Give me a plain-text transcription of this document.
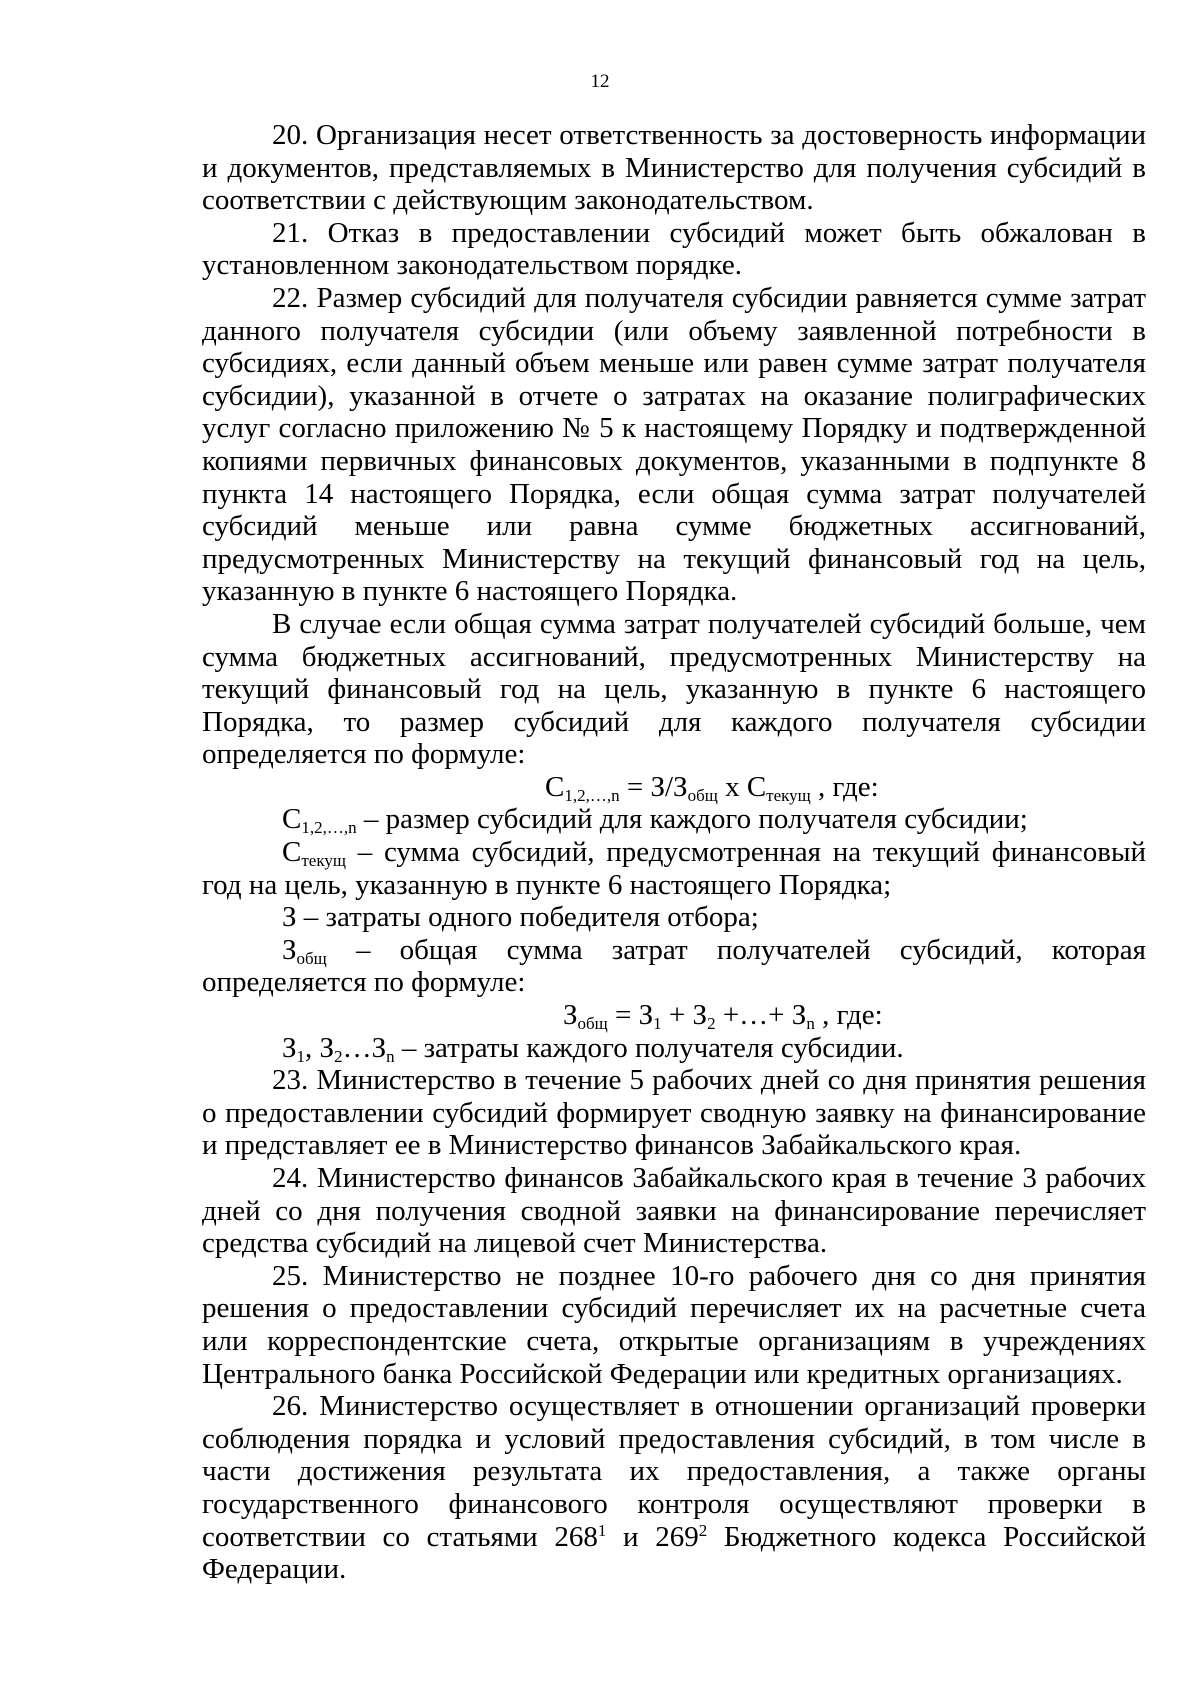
12

20. Организация несет ответственность за достоверность информации и документов, представляемых в Министерство для получения субсидий в соответствии с действующим законодательством.

21. Отказ в предоставлении субсидий может быть обжалован в установленном законодательством порядке.

22. Размер субсидий для получателя субсидии равняется сумме затрат данного получателя субсидии (или объему заявленной потребности в субсидиях, если данный объем меньше или равен сумме затрат получателя субсидии), указанной в отчете о затратах на оказание полиграфических услуг согласно приложению № 5 к настоящему Порядку и подтвержденной копиями первичных финансовых документов, указанными в подпункте 8 пункта 14 настоящего Порядка, если общая сумма затрат получателей субсидий меньше или равна сумме бюджетных ассигнований, предусмотренных Министерству на текущий финансовый год на цель, указанную в пункте 6 настоящего Порядка.

В случае если общая сумма затрат получателей субсидий больше, чем сумма бюджетных ассигнований, предусмотренных Министерству на текущий финансовый год на цель, указанную в пункте 6 настоящего Порядка, то размер субсидий для каждого получателя субсидии определяется по формуле:

$С_{1,2,\dots,n} = З/З_{общ}$ х $С_{текущ}$ , где:

$С_{1,2,\dots,n}$ – размер субсидий для каждого получателя субсидии;

$С_{текущ}$ – сумма субсидий, предусмотренная на текущий финансовый год на цель, указанную в пункте 6 настоящего Порядка;

З – затраты одного победителя отбора;

$З_{общ}$ – общая сумма затрат получателей субсидий, которая определяется по формуле:

$З_{общ} = З_1 + З_2$ +…+ $З_n$ , где:

$З_1$, $З_2\dots З_n$ – затраты каждого получателя субсидии.

23. Министерство в течение 5 рабочих дней со дня принятия решения о предоставлении субсидий формирует сводную заявку на финансирование и представляет ее в Министерство финансов Забайкальского края.

24. Министерство финансов Забайкальского края в течение 3 рабочих дней со дня получения сводной заявки на финансирование перечисляет средства субсидий на лицевой счет Министерства.

25. Министерство не позднее 10-го рабочего дня со дня принятия решения о предоставлении субсидий перечисляет их на расчетные счета или корреспондентские счета, открытые организациям в учреждениях Центрального банка Российской Федерации или кредитных организациях.

26. Министерство осуществляет в отношении организаций проверки соблюдения порядка и условий предоставления субсидий, в том числе в части достижения результата их предоставления, а также органы государственного финансового контроля осуществляют проверки в соответствии со статьями $268^1$ и $269^2$ Бюджетного кодекса Российской Федерации.
